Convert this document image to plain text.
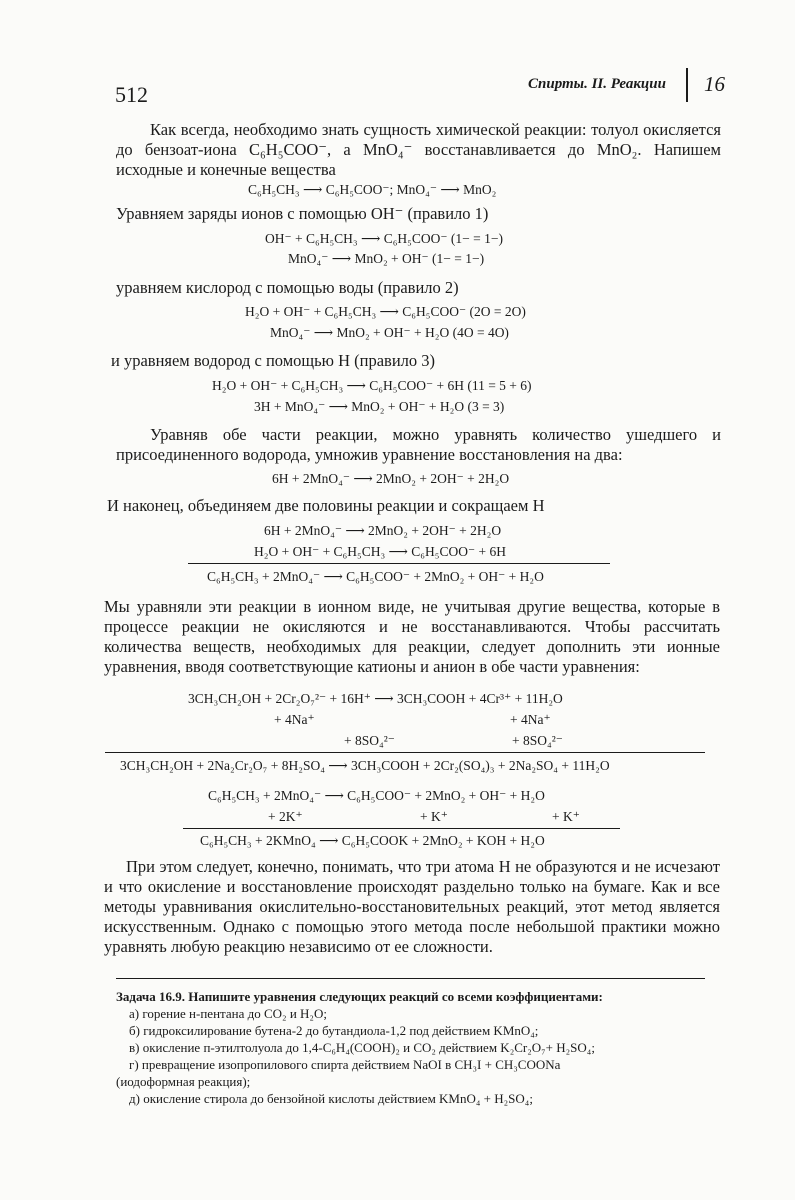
512	Спирты. II. Реакции 16

Как всегда, необходимо знать сущность химической реакции: толуол окисляется до бензоат-иона C₆H₅COO⁻, а MnO₄⁻ восстанавливается до MnO₂. Напишем исходные и конечные вещества

C₆H₅CH₃ ⟶ C₆H₅COO⁻; MnO₄⁻ ⟶ MnO₂

Уравняем заряды ионов с помощью OH⁻ (правило 1)

OH⁻ + C₆H₅CH₃ ⟶ C₆H₅COO⁻ (1− = 1−)
MnO₄⁻ ⟶ MnO₂ + OH⁻ (1− = 1−)

уравняем кислород с помощью воды (правило 2)

H₂O + OH⁻ + C₆H₅CH₃ ⟶ C₆H₅COO⁻ (2O = 2O)
MnO₄⁻ ⟶ MnO₂ + OH⁻ + H₂O (4O = 4O)

и уравняем водород с помощью H (правило 3)

H₂O + OH⁻ + C₆H₅CH₃ ⟶ C₆H₅COO⁻ + 6H (11 = 5 + 6)
3H + MnO₄⁻ ⟶ MnO₂ + OH⁻ + H₂O (3 = 3)

Уравняв обе части реакции, можно уравнять количество ушедшего и присоединенного водорода, умножив уравнение восстановления на два:

6H + 2MnO₄⁻ ⟶ 2MnO₂ + 2OH⁻ + 2H₂O

И наконец, объединяем две половины реакции и сокращаем H

6H + 2MnO₄⁻ ⟶ 2MnO₂ + 2OH⁻ + 2H₂O
H₂O + OH⁻ + C₆H₅CH₃ ⟶ C₆H₅COO⁻ + 6H
C₆H₅CH₃ + 2MnO₄⁻ ⟶ C₆H₅COO⁻ + 2MnO₂ + OH⁻ + H₂O

Мы уравняли эти реакции в ионном виде, не учитывая другие вещества, которые в процессе реакции не окисляются и не восстанавливаются. Чтобы рассчитать количества веществ, необходимых для реакции, следует дополнить эти ионные уравнения, вводя соответствующие катионы и анион в обе части уравнения:

3CH₃CH₂OH + 2Cr₂O₇²⁻ + 16H⁺ ⟶ 3CH₃COOH + 4Cr³⁺ + 11H₂O
+ 4Na⁺	+ 4Na⁺
+ 8SO₄²⁻	+ 8SO₄²⁻
3CH₃CH₂OH + 2Na₂Cr₂O₇ + 8H₂SO₄ ⟶ 3CH₃COOH + 2Cr₂(SO₄)₃ + 2Na₂SO₄ + 11H₂O
C₆H₅CH₃ + 2MnO₄⁻ ⟶ C₆H₅COO⁻ + 2MnO₂ + OH⁻ + H₂O
+ 2K⁺	+ K⁺	+ K⁺
C₆H₅CH₃ + 2KMnO₄ ⟶ C₆H₅COOK + 2MnO₂ + KOH + H₂O

При этом следует, конечно, понимать, что три атома H не образуются и не исчезают и что окисление и восстановление происходят раздельно только на бумаге. Как и все методы уравнивания окислительно-восстановительных реакций, этот метод является искусственным. Однако с помощью этого метода после небольшой практики можно уравнять любую реакцию независимо от ее сложности.

Задача 16.9. Напишите уравнения следующих реакций со всеми коэффициентами:
а) горение н-пентана до CO₂ и H₂O;
б) гидроксилирование бутена-2 до бутандиола-1,2 под действием KMnO₄;
в) окисление п-этилтолуола до 1,4-C₆H₄(COOH)₂ и CO₂ действием K₂Cr₂O₇+ H₂SO₄;
г) превращение изопропилового спирта действием NaOI в CH₃I + CH₃COONa
(иодоформная реакция);
д) окисление стирола до бензойной кислоты действием KMnO₄ + H₂SO₄;
